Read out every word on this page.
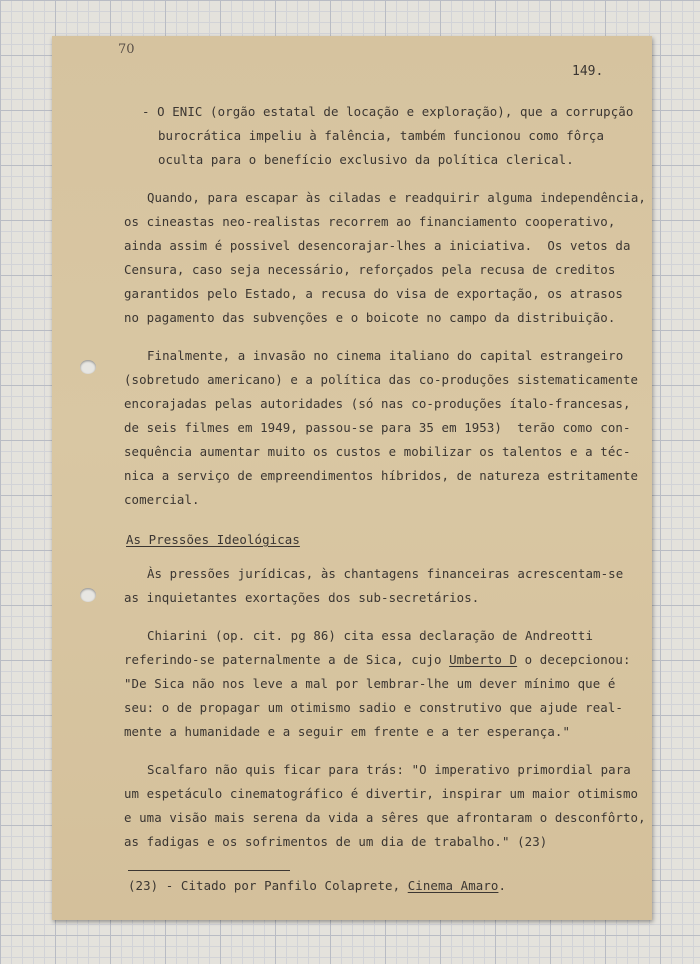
70
149.
- O ENIC (orgão estatal de locação e exploração), que a corrupção
burocrática impeliu à falência, também funcionou como fôrça
oculta para o benefício exclusivo da política clerical.
Quando, para escapar às ciladas e readquirir alguma independência,
os cineastas neo-realistas recorrem ao financiamento cooperativo,
ainda assim é possivel desencorajar-lhes a iniciativa.  Os vetos da
Censura, caso seja necessário, reforçados pela recusa de creditos
garantidos pelo Estado, a recusa do visa de exportação, os atrasos
no pagamento das subvenções e o boicote no campo da distribuição.
Finalmente, a invasão no cinema italiano do capital estrangeiro
(sobretudo americano) e a política das co-produções sistematicamente
encorajadas pelas autoridades (só nas co-produções ítalo-francesas,
de seis filmes em 1949, passou-se para 35 em 1953)  terão como con-
sequência aumentar muito os custos e mobilizar os talentos e a téc-
nica a serviço de empreendimentos híbridos, de natureza estritamente
comercial.
As Pressões Ideológicas
Às pressões jurídicas, às chantagens financeiras acrescentam-se
as inquietantes exortações dos sub-secretários.
Chiarini (op. cit. pg 86) cita essa declaração de Andreotti
referindo-se paternalmente a de Sica, cujo Umberto D o decepcionou:
"De Sica não nos leve a mal por lembrar-lhe um dever mínimo que é
seu: o de propagar um otimismo sadio e construtivo que ajude real-
mente a humanidade e a seguir em frente e a ter esperança."
Scalfaro não quis ficar para trás: "O imperativo primordial para
um espetáculo cinematográfico é divertir, inspirar um maior otimismo
e uma visão mais serena da vida a sêres que afrontaram o desconfôrto,
as fadigas e os sofrimentos de um dia de trabalho." (23)
(23) - Citado por Panfilo Colaprete, Cinema Amaro.
